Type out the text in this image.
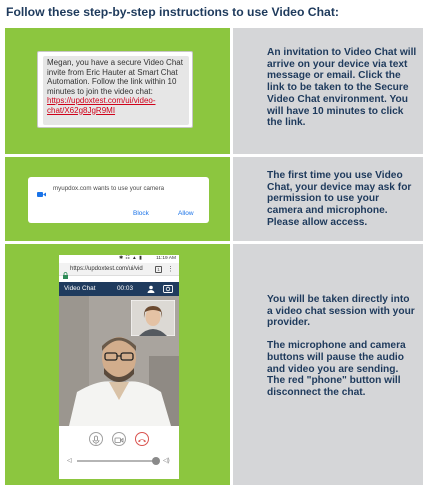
Follow these step-by-step instructions to use Video Chat:
Megan, you have a secure Video Chat invite from Eric Hauter at Smart Chat Automation. Follow the link within 10 minutes to join the video chat: https://updoxtest.com/ui/video-chat/X62g8JgR9MI

An invitation to Video Chat will arrive on your device via text message or email. Click the link to be taken to the Secure Video Chat environment. You will have 10 minutes to click the link.

myupdox.com wants to use your camera
Block	Allow

The first time you use Video Chat, your device may ask for permission to use your camera and microphone. Please allow access.

✱ ☷ ▲ ▮	11:19 AM
https://updoxtest.com/ui/vid	1	⋮
Video Chat	00:03
◁	◁)

You will be taken directly into a video chat session with your provider.

The microphone and camera buttons will pause the audio and video you are sending. The red "phone" button will disconnect the chat.
